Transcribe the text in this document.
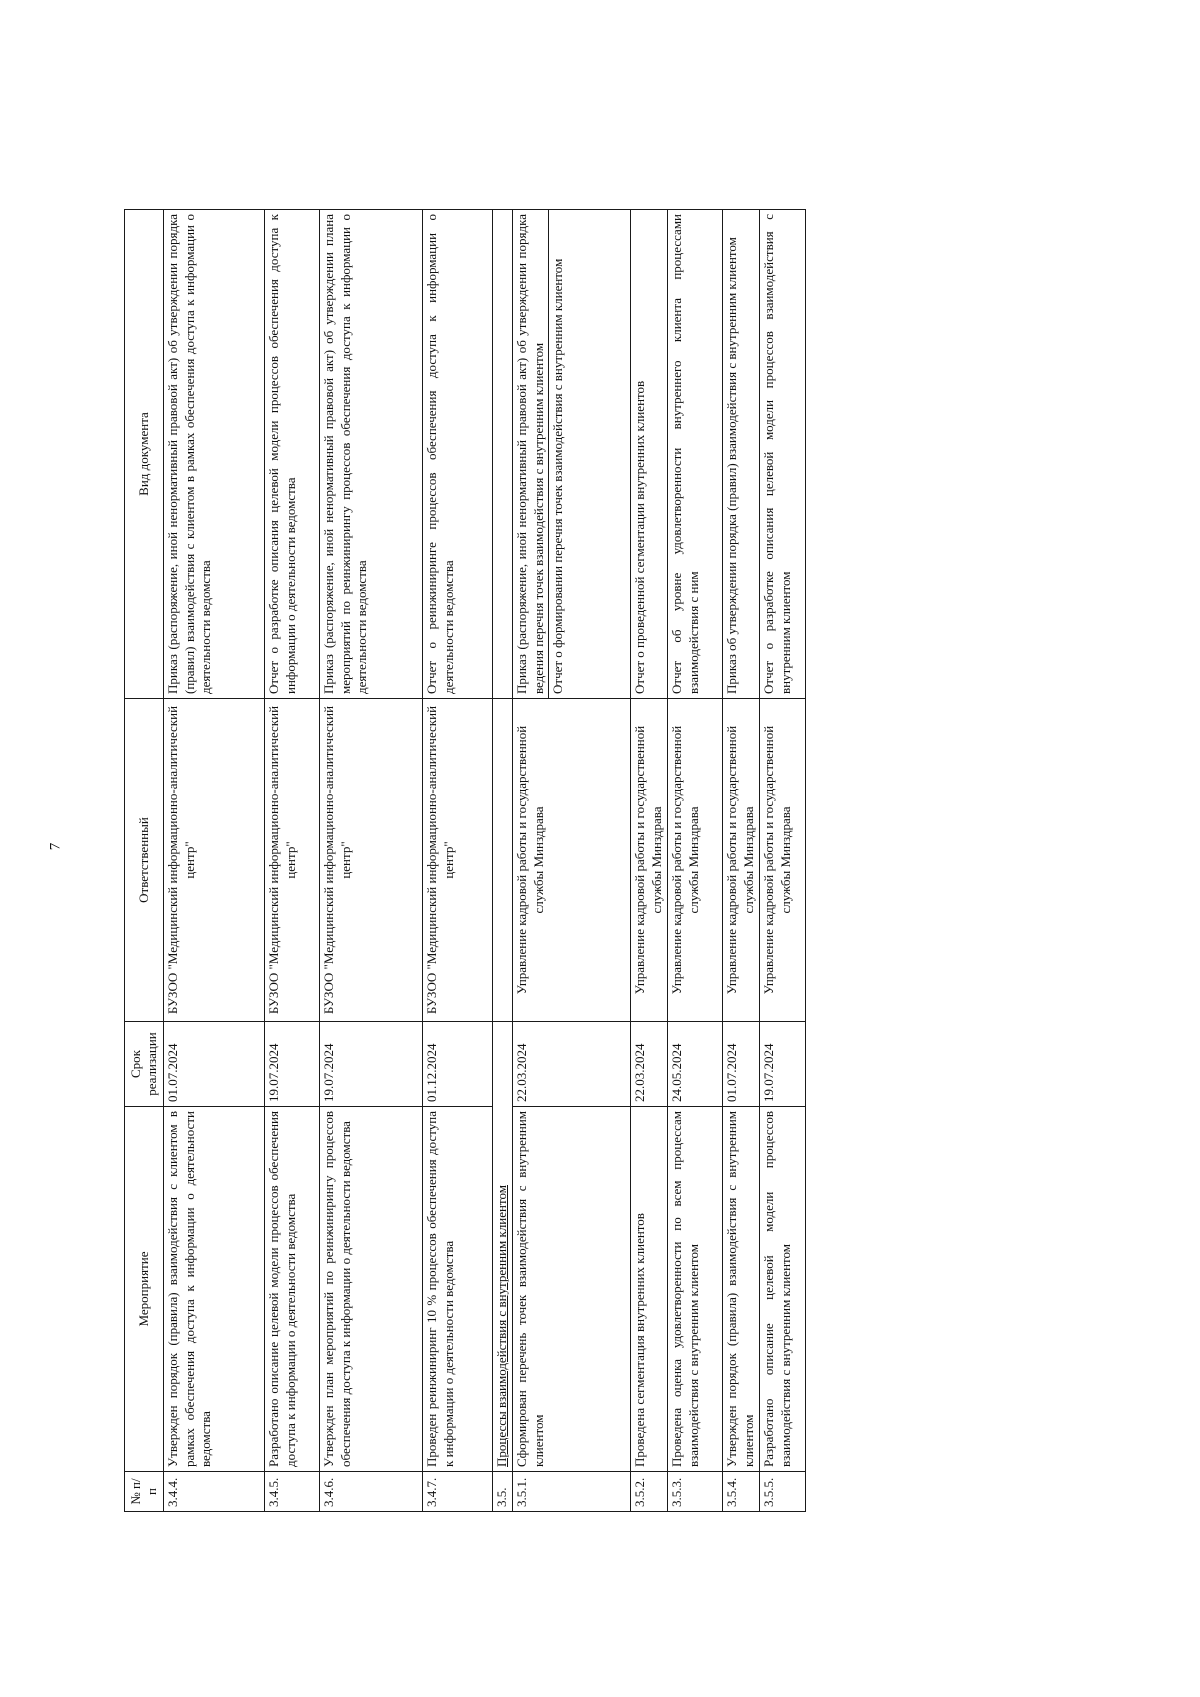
7
№ п/п	Мероприятие	Срок реализации	Ответственный	Вид документа
3.4.4.	Утвержден порядок (правила) взаимодействия с клиентом в рамках обеспечения доступа к информации о деятельности ведомства	01.07.2024	БУЗОО "Медицинский информационно-аналитический центр"	Приказ (распоряжение, иной ненормативный правовой акт) об утверждении порядка (правил) взаимодействия с клиентом в рамках обеспечения доступа к информации о деятельности ведомства
3.4.5.	Разработано описание целевой модели процессов обеспечения доступа к информации о деятельности ведомства	19.07.2024	БУЗОО "Медицинский информационно-аналитический центр"	Отчет о разработке описания целевой модели процессов обеспечения доступа к информации о деятельности ведомства
3.4.6.	Утвержден план мероприятий по реинжинирингу процессов обеспечения доступа к информации о деятельности ведомства	19.07.2024	БУЗОО "Медицинский информационно-аналитический центр"	Приказ (распоряжение, иной ненормативный правовой акт) об утверждении плана мероприятий по реинжинирингу процессов обеспечения доступа к информации о деятельности ведомства
3.4.7.	Проведен реинжиниринг 10 % процессов обеспечения доступа к информации о деятельности ведомства	01.12.2024	БУЗОО "Медицинский информационно-аналитический центр"	Отчет о реинжиниринге процессов обеспечения доступа к информации о деятельности ведомства
3.5.	Процессы взаимодействия с внутренним клиентом			
3.5.1.	Сформирован перечень точек взаимодействия с внутренним клиентом	22.03.2024	Управление кадровой работы и государственной службы Минздрава	Приказ (распоряжение, иной ненормативный правовой акт) об утверждении порядка ведения перечня точек взаимодействия с внутренним клиентом Отчет о формировании перечня точек взаимодействия с внутренним клиентом

3.5.2.	Проведена сегментация внутренних клиентов	22.03.2024	Управление кадровой работы и государственной службы Минздрава	Отчет о проведенной сегментации внутренних клиентов
3.5.3.	Проведена оценка удовлетворенности по всем процессам взаимодействия с внутренним клиентом	24.05.2024	Управление кадровой работы и государственной службы Минздрава	Отчет об уровне удовлетворенности внутреннего клиента процессами взаимодействия с ним
3.5.4.	Утвержден порядок (правила) взаимодействия с внутренним клиентом	01.07.2024	Управление кадровой работы и государственной службы Минздрава	Приказ об утверждении порядка (правил) взаимодействия с внутренним клиентом
3.5.5.	Разработано описание целевой модели процессов взаимодействия с внутренним клиентом	19.07.2024	Управление кадровой работы и государственной службы Минздрава	Отчет о разработке описания целевой модели процессов взаимодействия с внутренним клиентом
